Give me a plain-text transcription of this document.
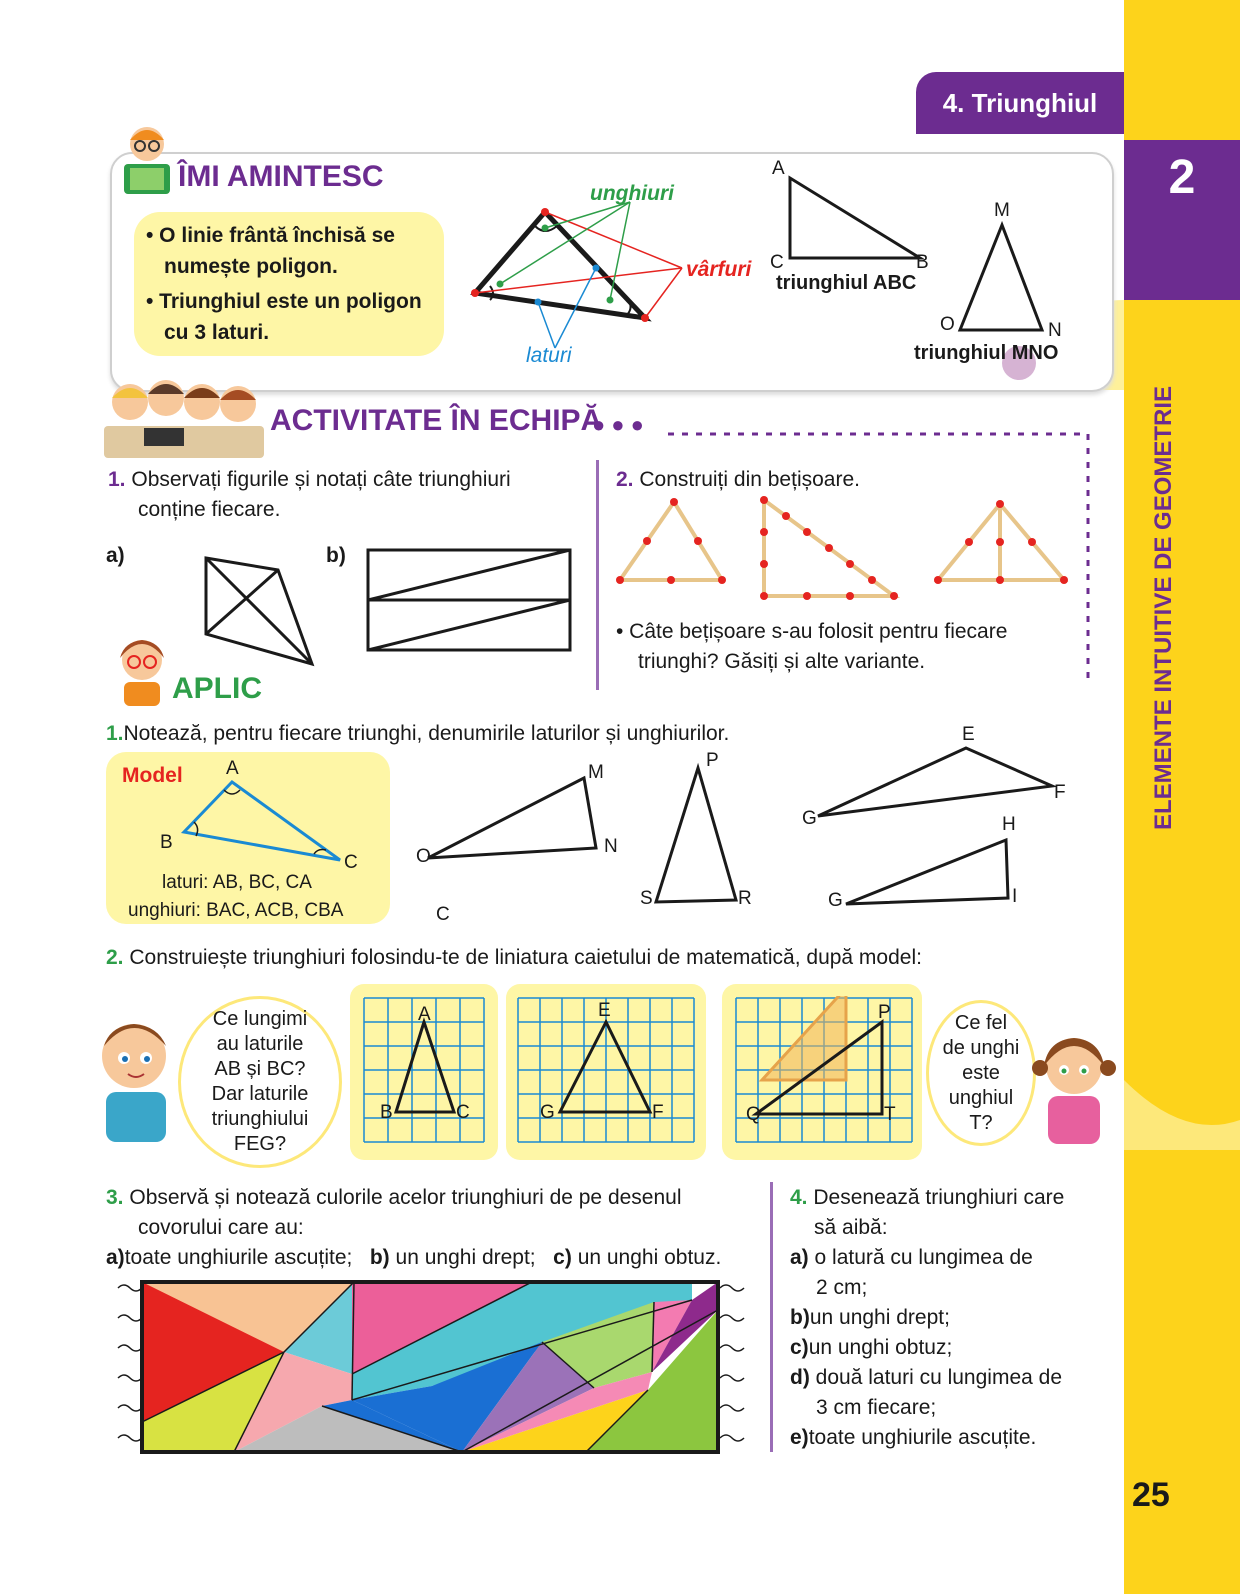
4. Triunghiul
2
ELEMENTE INTUITIVE DE GEOMETRIE
25
ÎMI AMINTESC
• O linie frântă închisă se
numește poligon.
• Triunghiul este un poligon
cu 3 laturi.
unghiuri
vârfuri
laturi
A
C	B
triunghiul ABC
M
O	N
triunghiul MNO
ACTIVITATE ÎN ECHIPĂ
●●●
1. Observați figurile și notați câte triunghiuri
conține fiecare.
a)	b)
2. Construiți din bețișoare.
• Câte bețișoare s-au folosit pentru fiecare
triunghi? Găsiți și alte variante.
APLIC
1.Notează, pentru fiecare triunghi, denumirile laturilor și unghiurilor.
Model A
B
C
laturi: AB, BC, CA
unghiuri: BAC, ACB, CBA
M
N
O
C
P
S	R
E
F
G	H
I
G
2. Construiește triunghiuri folosindu-te de liniatura caietului de matematică, după model:
Ce lungimi
au laturile
AB și BC?
Dar laturile
triunghiului
FEG?
A
B	C
E
G	F
P
Q	T
Ce fel
de unghi
este
unghiul
T?
3. Observă și notează culorile acelor triunghiuri de pe desenul
covorului care au:
a)toate unghiurile ascuțite; b) un unghi drept; c) un unghi obtuz.
4. Desenează triunghiuri care
să aibă:
a) o latură cu lungimea de
2 cm;
b)un unghi drept;
c)un unghi obtuz;
d) două laturi cu lungimea de
3 cm fiecare;
e)toate unghiurile ascuțite.
